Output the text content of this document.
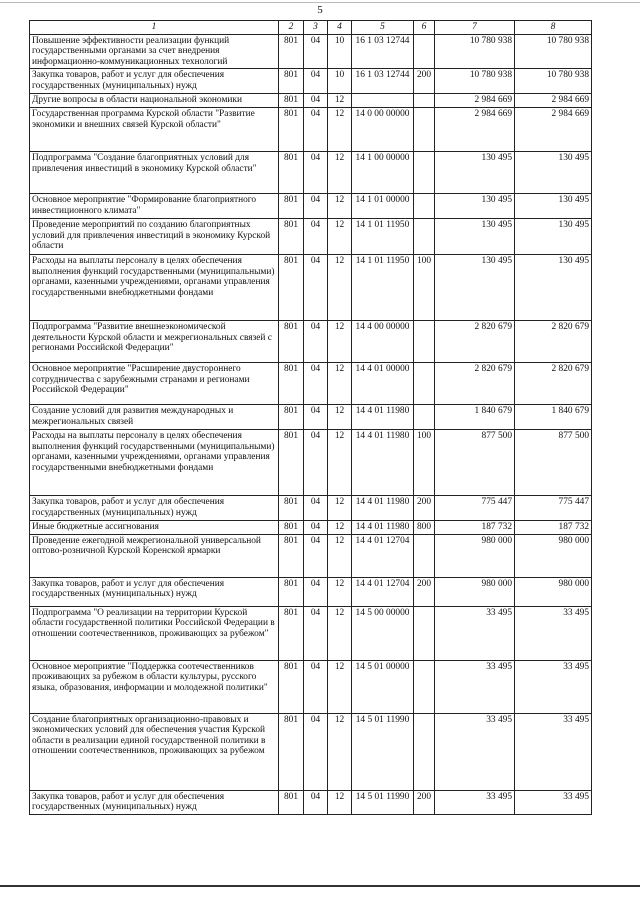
5
1	2	3	4	5	6	7	8
Повышение эффективности реализации функций государственными органами за счет внедрения информационно-коммуникационных технологий	801	04	10	16 1 03 12744		10 780 938	10 780 938
Закупка товаров, работ и услуг для обеспечения государственных (муниципальных) нужд	801	04	10	16 1 03 12744	200	10 780 938	10 780 938
Другие вопросы в области национальной экономики	801	04	12			2 984 669	2 984 669
Государственная программа Курской области "Развитие экономики и внешних связей Курской области"	801	04	12	14 0 00 00000		2 984 669	2 984 669
Подпрограмма "Создание благоприятных условий для привлечения инвестиций в экономику Курской области"	801	04	12	14 1 00 00000		130 495	130 495
Основное мероприятие "Формирование благоприятного инвестиционного климата"	801	04	12	14 1 01 00000		130 495	130 495
Проведение мероприятий по созданию благоприятных условий для привлечения инвестиций в экономику Курской области	801	04	12	14 1 01 11950		130 495	130 495
Расходы на выплаты персоналу в целях обеспечения выполнения функций государственными (муниципальными) органами, казенными учреждениями, органами управления государственными внебюджетными фондами	801	04	12	14 1 01 11950	100	130 495	130 495
Подпрограмма "Развитие внешнеэкономической деятельности Курской области и межрегиональных связей с регионами Российской Федерации"	801	04	12	14 4 00 00000		2 820 679	2 820 679
Основное мероприятие "Расширение двустороннего сотрудничества с зарубежными странами и регионами Российской Федерации"	801	04	12	14 4 01 00000		2 820 679	2 820 679
Создание условий для развития международных и межрегиональных связей	801	04	12	14 4 01 11980		1 840 679	1 840 679
Расходы на выплаты персоналу в целях обеспечения выполнения функций государственными (муниципальными) органами, казенными учреждениями, органами управления государственными внебюджетными фондами	801	04	12	14 4 01 11980	100	877 500	877 500
Закупка товаров, работ и услуг для обеспечения государственных (муниципальных) нужд	801	04	12	14 4 01 11980	200	775 447	775 447
Иные бюджетные ассигнования	801	04	12	14 4 01 11980	800	187 732	187 732
Проведение ежегодной межрегиональной универсальной оптово-розничной Курской Коренской ярмарки	801	04	12	14 4 01 12704		980 000	980 000
Закупка товаров, работ и услуг для обеспечения государственных (муниципальных) нужд	801	04	12	14 4 01 12704	200	980 000	980 000
Подпрограмма "О реализации на территории Курской области государственной политики Российской Федерации в отношении соотечественников, проживающих за рубежом"	801	04	12	14 5 00 00000		33 495	33 495
Основное мероприятие "Поддержка соотечественников проживающих за рубежом в области культуры, русского языка, образования, информации и молодежной политики"	801	04	12	14 5 01 00000		33 495	33 495
Создание благоприятных организационно-правовых и экономических условий для обеспечения участия Курской области в реализации единой государственной политики в отношении соотечественников, проживающих за рубежом	801	04	12	14 5 01 11990		33 495	33 495
Закупка товаров, работ и услуг для обеспечения государственных (муниципальных) нужд	801	04	12	14 5 01 11990	200	33 495	33 495
